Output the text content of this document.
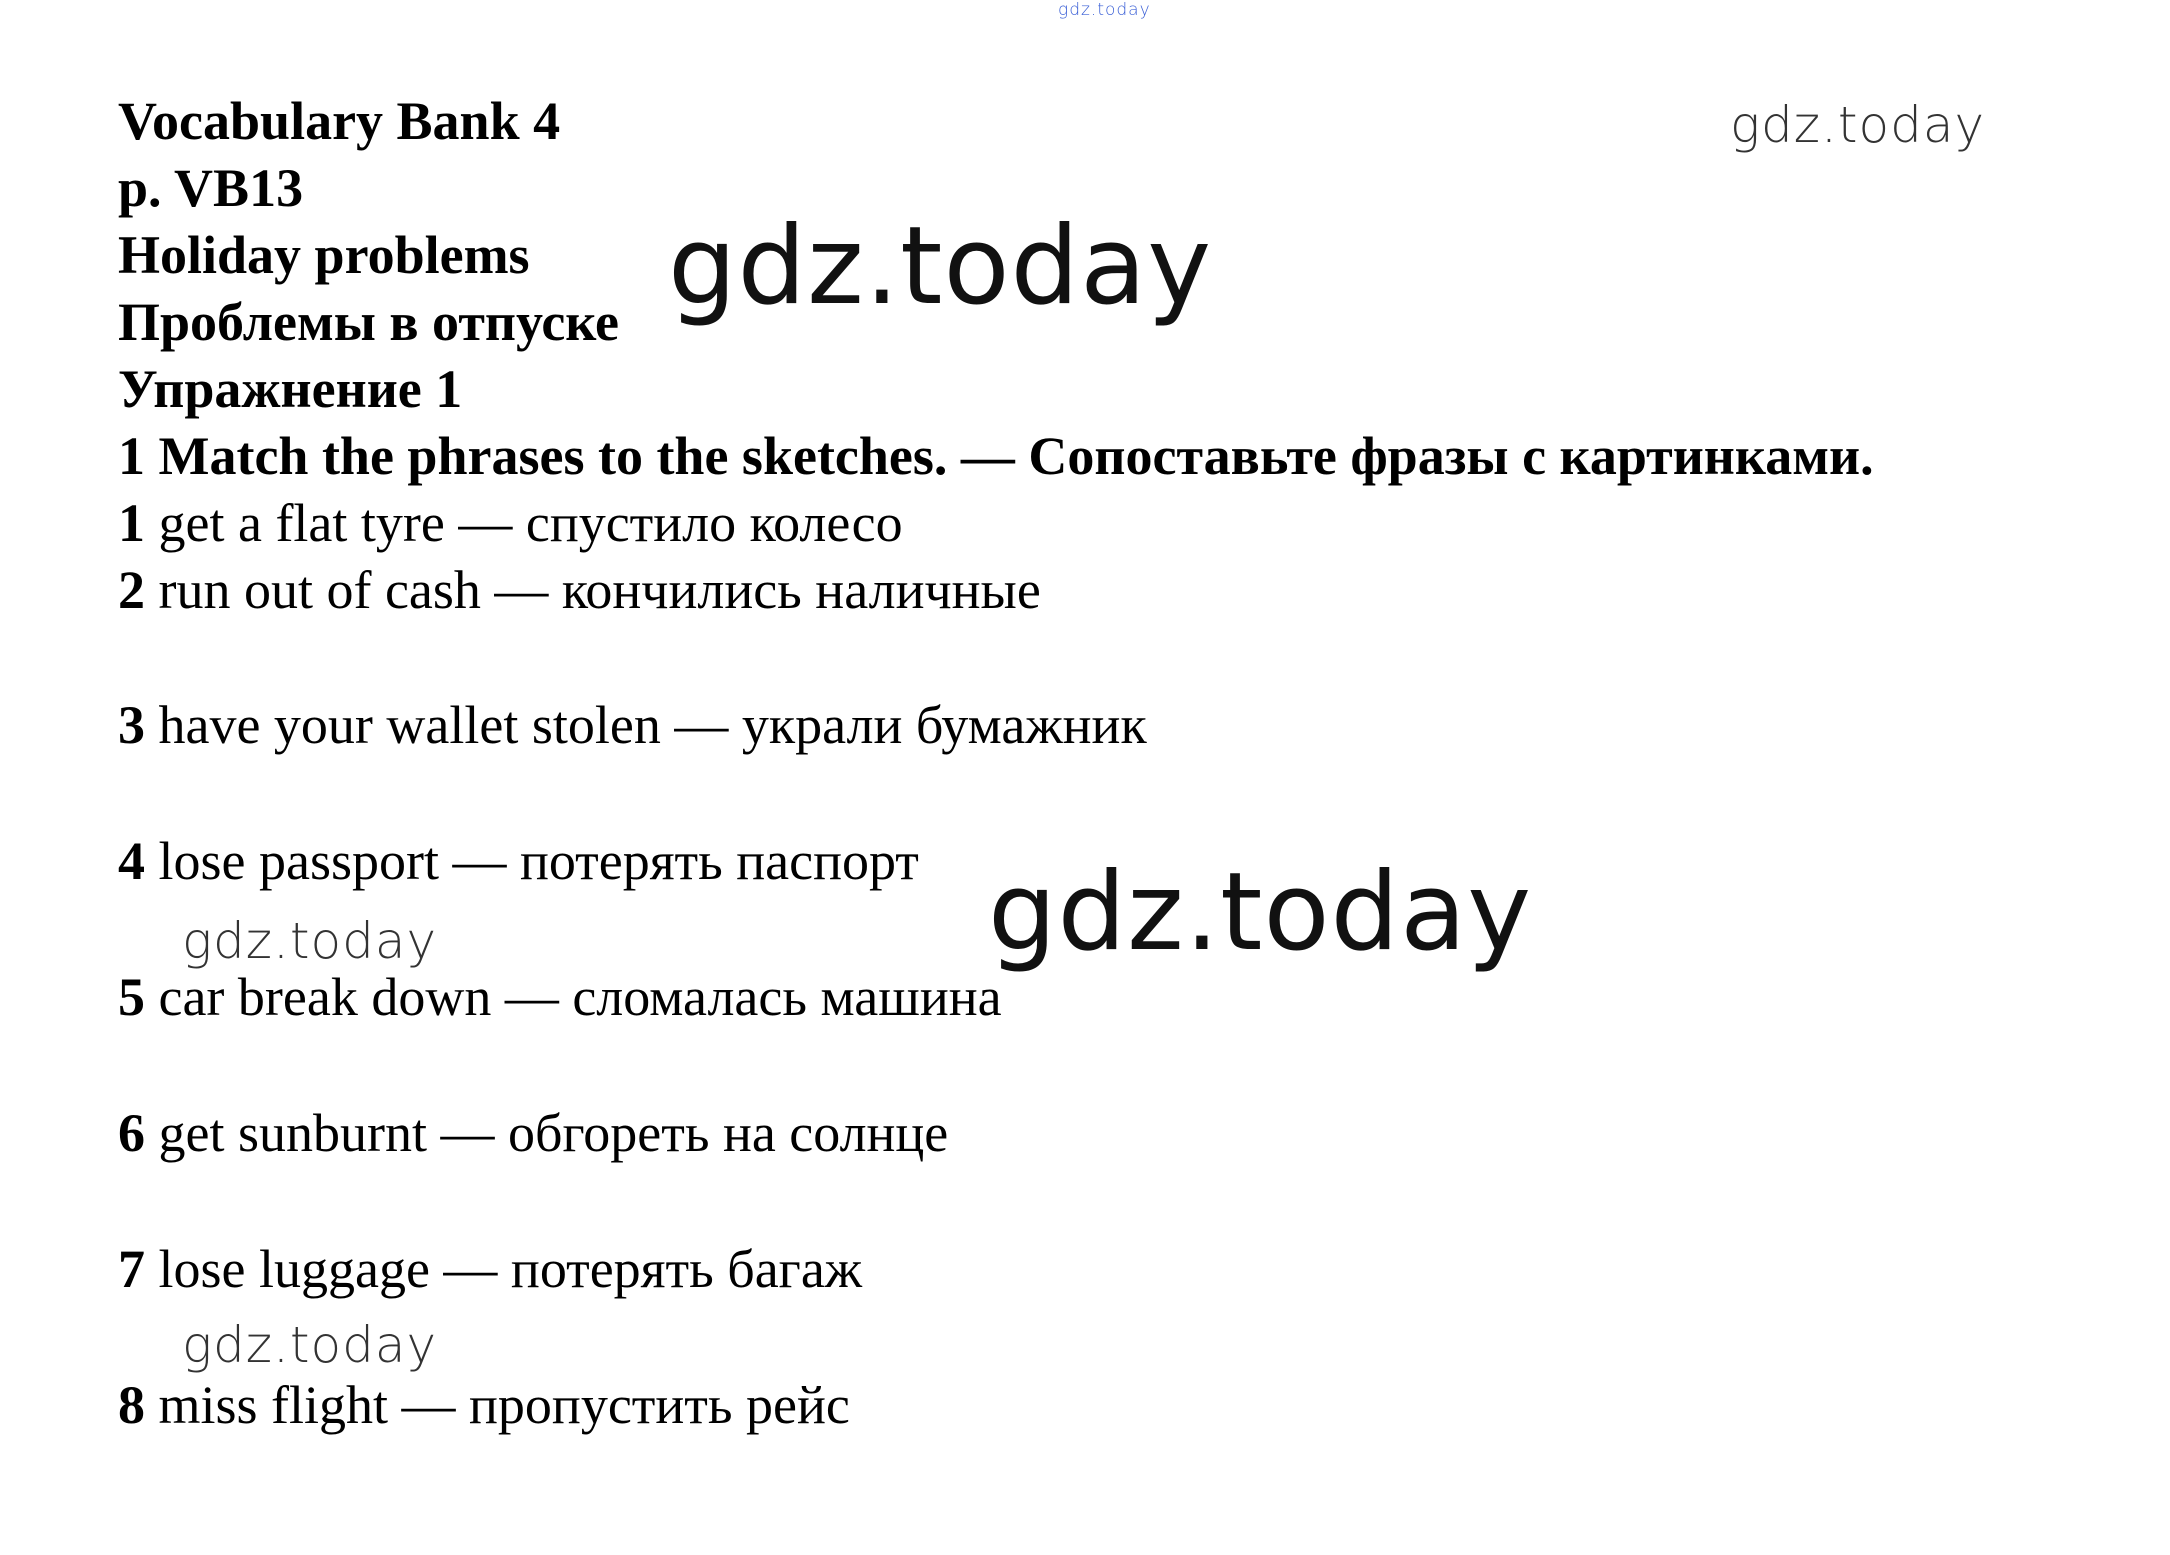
gdz.today
gdz.today
gdz.today
gdz.today
gdz.today
gdz.today
Vocabulary Bank 4
p. VB13
Holiday problems
Проблемы в отпуске
Упражнение 1
1 Match the phrases to the sketches. — Сопоставьте фразы с картинками.
1 get a flat tyre — спустило колесо
2 run out of cash — кончились наличные
3 have your wallet stolen — украли бумажник
4 lose passport — потерять паспорт
5 car break down — сломалась машина
6 get sunburnt — обгореть на солнце
7 lose luggage — потерять багаж
8 miss flight — пропустить рейс
